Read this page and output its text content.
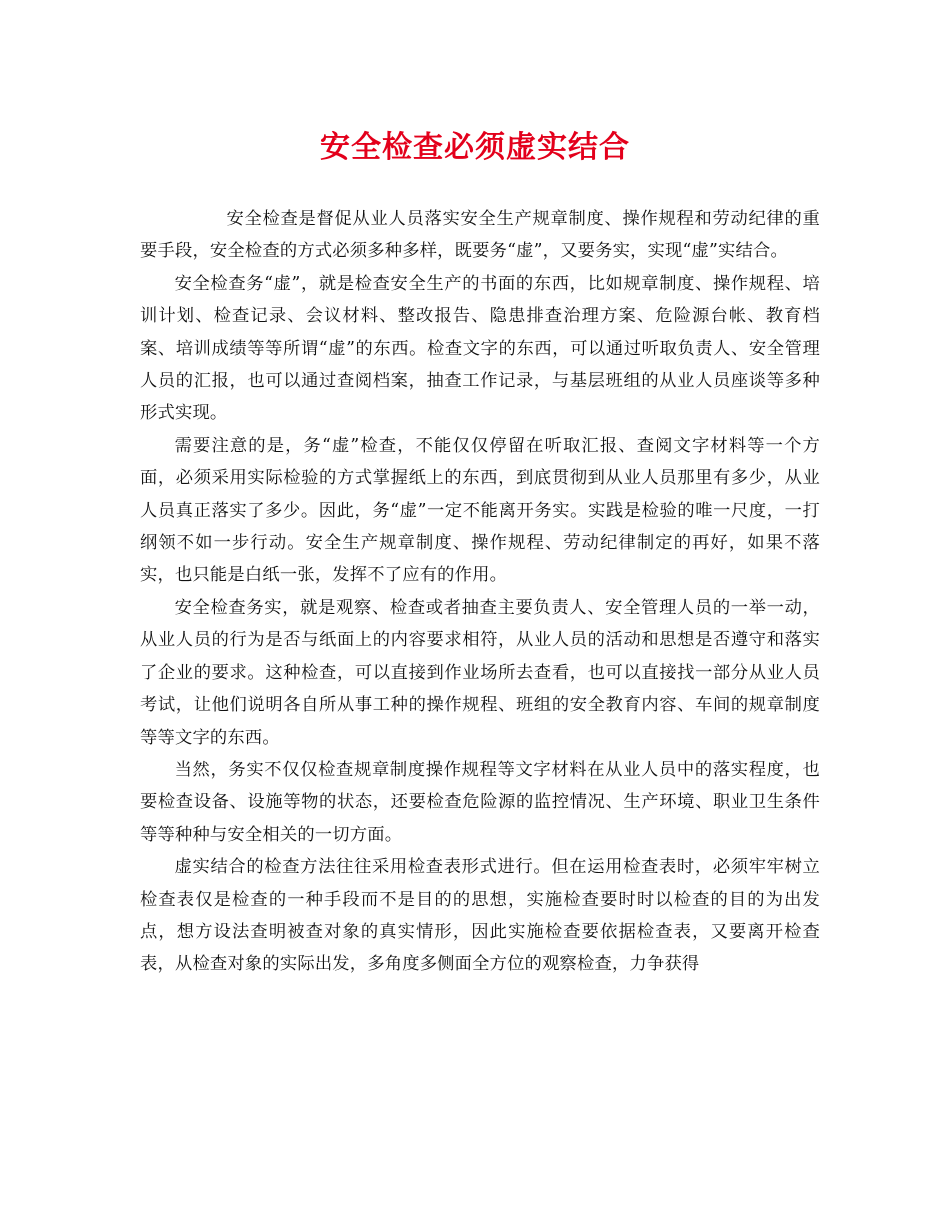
安全检查必须虚实结合

安全检查是督促从业人员落实安全生产规章制度、操作规程和劳动纪律的重要手段，安全检查的方式必须多种多样，既要务“虚”，又要务实，实现“虚”实结合。

安全检查务“虚”，就是检查安全生产的书面的东西，比如规章制度、操作规程、培训计划、检查记录、会议材料、整改报告、隐患排查治理方案、危险源台帐、教育档案、培训成绩等等所谓“虚”的东西。检查文字的东西，可以通过听取负责人、安全管理人员的汇报，也可以通过查阅档案，抽查工作记录，与基层班组的从业人员座谈等多种形式实现。

需要注意的是，务“虚”检查，不能仅仅停留在听取汇报、查阅文字材料等一个方面，必须采用实际检验的方式掌握纸上的东西，到底贯彻到从业人员那里有多少，从业人员真正落实了多少。因此，务“虚”一定不能离开务实。实践是检验的唯一尺度，一打纲领不如一步行动。安全生产规章制度、操作规程、劳动纪律制定的再好，如果不落实，也只能是白纸一张，发挥不了应有的作用。

安全检查务实，就是观察、检查或者抽查主要负责人、安全管理人员的一举一动，从业人员的行为是否与纸面上的内容要求相符，从业人员的活动和思想是否遵守和落实了企业的要求。这种检查，可以直接到作业场所去查看，也可以直接找一部分从业人员考试，让他们说明各自所从事工种的操作规程、班组的安全教育内容、车间的规章制度等等文字的东西。

当然，务实不仅仅检查规章制度操作规程等文字材料在从业人员中的落实程度，也要检查设备、设施等物的状态，还要检查危险源的监控情况、生产环境、职业卫生条件等等种种与安全相关的一切方面。

虚实结合的检查方法往往采用检查表形式进行。但在运用检查表时，必须牢牢树立检查表仅是检查的一种手段而不是目的的思想，实施检查要时时以检查的目的为出发点，想方设法查明被查对象的真实情形，因此实施检查要依据检查表，又要离开检查表，从检查对象的实际出发，多角度多侧面全方位的观察检查，力争获得
